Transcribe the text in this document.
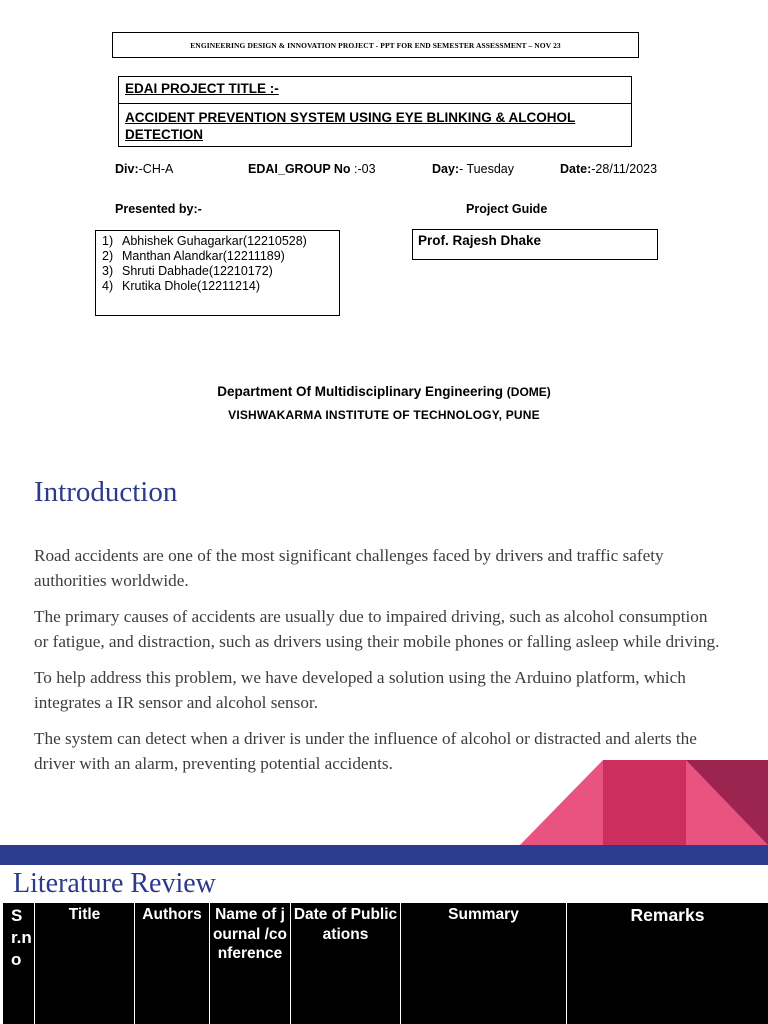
ENGINEERING DESIGN & INNOVATION PROJECT - PPT FOR END SEMESTER ASSESSMENT – NOV 23
EDAI PROJECT TITLE :-
ACCIDENT PREVENTION SYSTEM USING EYE BLINKING & ALCOHOL DETECTION
Div:-CH-A	EDAI_GROUP No :-03	Day:- Tuesday	Date:-28/11/2023
Presented by:-	Project Guide
1) Abhishek Guhagarkar(12210528)
2) Manthan Alandkar(12211189)
3) Shruti Dabhade(12210172)
4) Krutika Dhole(12211214)
Prof. Rajesh Dhake
Department Of Multidisciplinary Engineering (DOME)
VISHWAKARMA INSTITUTE OF TECHNOLOGY, PUNE
Introduction

Road accidents are one of the most significant challenges faced by drivers and traffic safety authorities worldwide.

The primary causes of accidents are usually due to impaired driving, such as alcohol consumption or fatigue, and distraction, such as drivers using their mobile phones or falling asleep while driving.

To help address this problem, we have developed a solution using the Arduino platform, which integrates a IR sensor and alcohol sensor.

The system can detect when a driver is under the influence of alcohol or distracted and alerts the driver with an alarm, preventing potential accidents.

Literature Review
Sr.no	Title	Authors	Name of journal /conference	Date of Publications	Summary	Remarks
